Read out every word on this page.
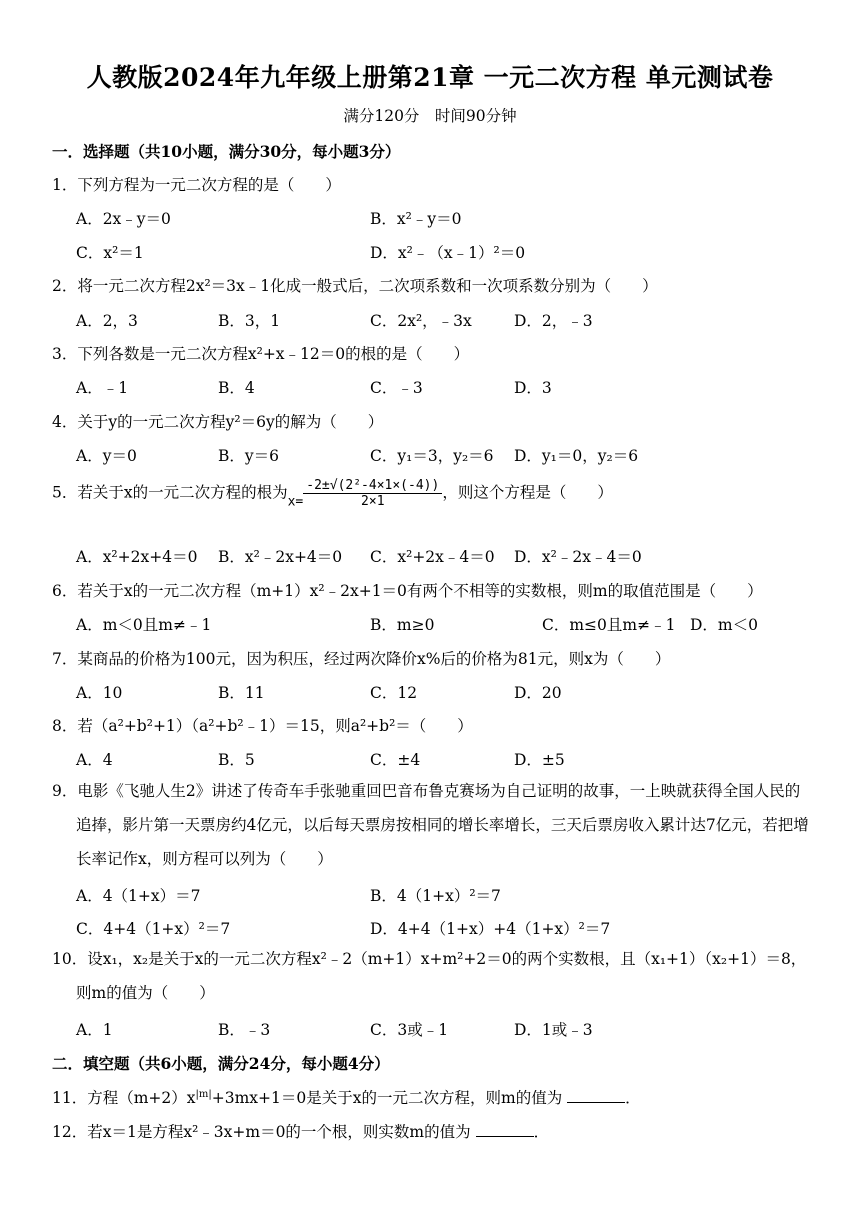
人教版2024年九年级上册第21章 一元二次方程 单元测试卷
满分120分　时间90分钟
一．选择题（共10小题，满分30分，每小题3分）
1．下列方程为一元二次方程的是（　　）
A．2x﹣y＝0	B．x²﹣y＝0
C．x²＝1	D．x²﹣（x﹣1）²＝0
2．将一元二次方程2x²＝3x﹣1化成一般式后，二次项系数和一次项系数分别为（　　）
A．2，3	B．3，1	C．2x²，﹣3x	D．2，﹣3
3．下列各数是一元二次方程x²+x﹣12＝0的根的是（　　）
A．﹣1	B．4	C．﹣3	D．3
4．关于y的一元二次方程y²＝6y的解为（　　）
A．y＝0	B．y＝6	C．y₁＝3，y₂＝6 D．y₁＝0，y₂＝6
5．若关于x的一元二次方程的根为$_{x=} \frac{\text{-2±√(2²-4×1×(-4))}}{2\times 1}$ ，则这个方程是（　　）
A．x²+2x+4＝0 B．x²﹣2x+4＝0 C．x²+2x﹣4＝0 D．x²﹣2x﹣4＝0
6．若关于x的一元二次方程（m+1）x²﹣2x+1＝0有两个不相等的实数根，则m的取值范围是（　　）
A．m＜0且m≠﹣1	B．m≥0	C．m≤0且m≠﹣1 D．m＜0
7．某商品的价格为100元，因为积压，经过两次降价x%后的价格为81元，则x为（　　）
A．10	B．11	C．12	D．20
8．若（a²+b²+1）（a²+b²﹣1）＝15，则a²+b²＝（　　）
A．4	B．5	C．±4	D．±5
9．电影《飞驰人生2》讲述了传奇车手张驰重回巴音布鲁克赛场为自己证明的故事，一上映就获得全国人民的追捧，影片第一天票房约4亿元，以后每天票房按相同的增长率增长，三天后票房收入累计达7亿元，若把增长率记作x，则方程可以列为（　　）
A．4（1+x）＝7	B．4（1+x）²＝7
C．4+4（1+x）²＝7	D．4+4（1+x）+4（1+x）²＝7
10．设x₁，x₂是关于x的一元二次方程x²﹣2（m+1）x+m²+2＝0的两个实数根，且（x₁+1）（x₂+1）＝8，则m的值为（　　）
A．1	B．﹣3	C．3或﹣1	D．1或﹣3
二．填空题（共6小题，满分24分，每小题4分）
11．方程$(m+2)x^{|m|}+3mx+1=0$是关于x的一元二次方程，则m的值为	．
12．若x＝1是方程x²﹣3x+m＝0的一个根，则实数m的值为	．
